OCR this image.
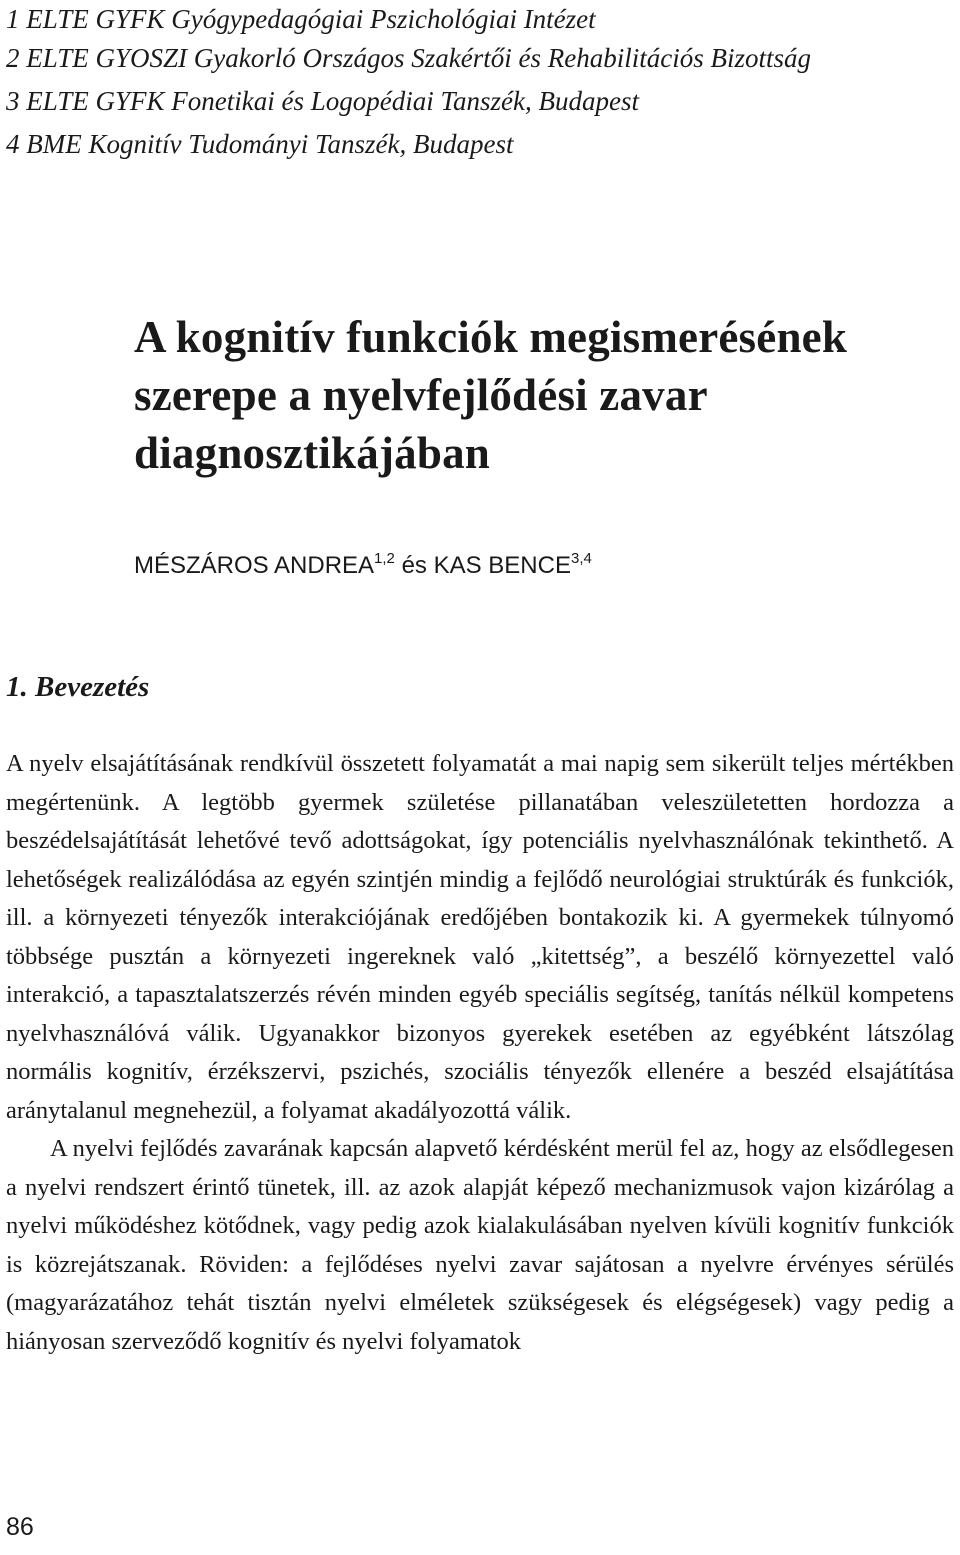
1 ELTE GYFK Gyógypedagógiai Pszichológiai Intézet

2 ELTE GYOSZI Gyakorló Országos Szakértői és Rehabilitációs Bizottság

3 ELTE GYFK Fonetikai és Logopédiai Tanszék, Budapest

4 BME Kognitív Tudományi Tanszék, Budapest

A kognitív funkciók megismerésének szerepe a nyelvfejlődési zavar diagnosztikájában

MÉSZÁROS ANDREA$^{1,2}$ és KAS BENCE$^{3,4}$

1. Bevezetés
A nyelv elsajátításának rendkívül összetett folyamatát a mai napig sem sikerült teljes mértékben megértenünk. A legtöbb gyermek születése pillanatában veleszületetten hordozza a beszédelsajátítását lehetővé tevő adottságokat, így potenciális nyelvhasználónak tekinthető. A lehetőségek realizálódása az egyén szintjén mindig a fejlődő neurológiai struktúrák és funkciók, ill. a környezeti tényezők interakciójának eredőjében bontakozik ki. A gyermekek túlnyomó többsége pusztán a környezeti ingereknek való „kitettség”, a beszélő környezettel való interakció, a tapasztalatszerzés révén minden egyéb speciális segítség, tanítás nélkül kompetens nyelvhasználóvá válik. Ugyanakkor bizonyos gyerekek esetében az egyébként látszólag normális kognitív, érzékszervi, pszichés, szociális tényezők ellenére a beszéd elsajátítása aránytalanul megnehezül, a folyamat akadályozottá válik.
A nyelvi fejlődés zavarának kapcsán alapvető kérdésként merül fel az, hogy az elsődlegesen a nyelvi rendszert érintő tünetek, ill. az azok alapját képező mechanizmusok vajon kizárólag a nyelvi működéshez kötődnek, vagy pedig azok kialakulásában nyelven kívüli kognitív funkciók is közrejátszanak. Röviden: a fejlődéses nyelvi zavar sajátosan a nyelvre érvényes sérülés (magyarázatához tehát tisztán nyelvi elméletek szükségesek és elégségesek) vagy pedig a hiányosan szerveződő kognitív és nyelvi folyamatok

86
